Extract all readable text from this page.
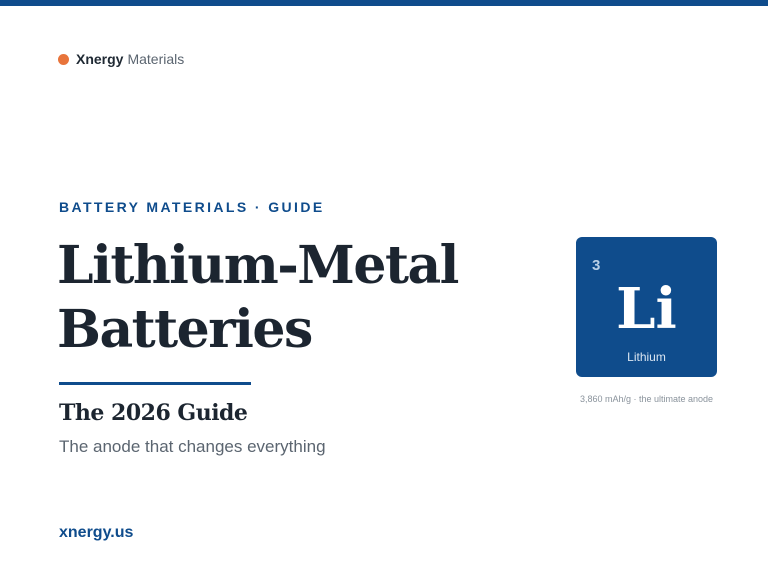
Xnergy Materials
BATTERY MATERIALS · GUIDE
Lithium-Metal
Batteries
The 2026 Guide
The anode that changes everything
xnergy.us
3
Li
Lithium
3,860 mAh/g · the ultimate anode
